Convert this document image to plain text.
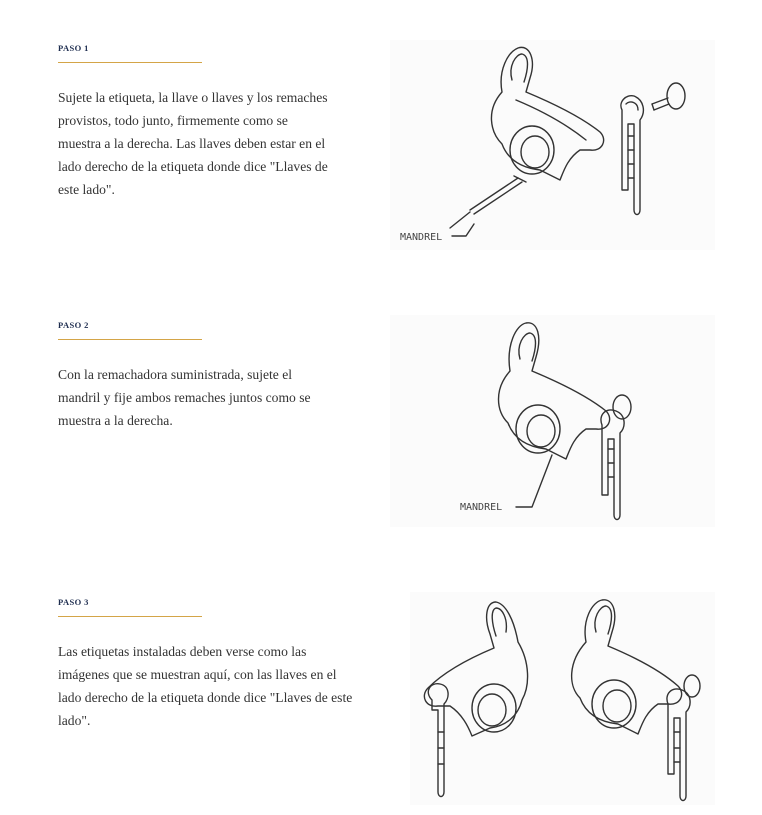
PASO 1

Sujete la etiqueta, la llave o llaves y los remaches provistos, todo junto, firmemente como se muestra a la derecha. Las llaves deben estar en el lado derecho de la etiqueta donde dice "Llaves de este lado".

MANDREL
PASO 2

Con la remachadora suministrada, sujete el mandril y fije ambos remaches juntos como se muestra a la derecha.

MANDREL
PASO 3

Las etiquetas instaladas deben verse como las imágenes que se muestran aquí, con las llaves en el lado derecho de la etiqueta donde dice "Llaves de este lado".
